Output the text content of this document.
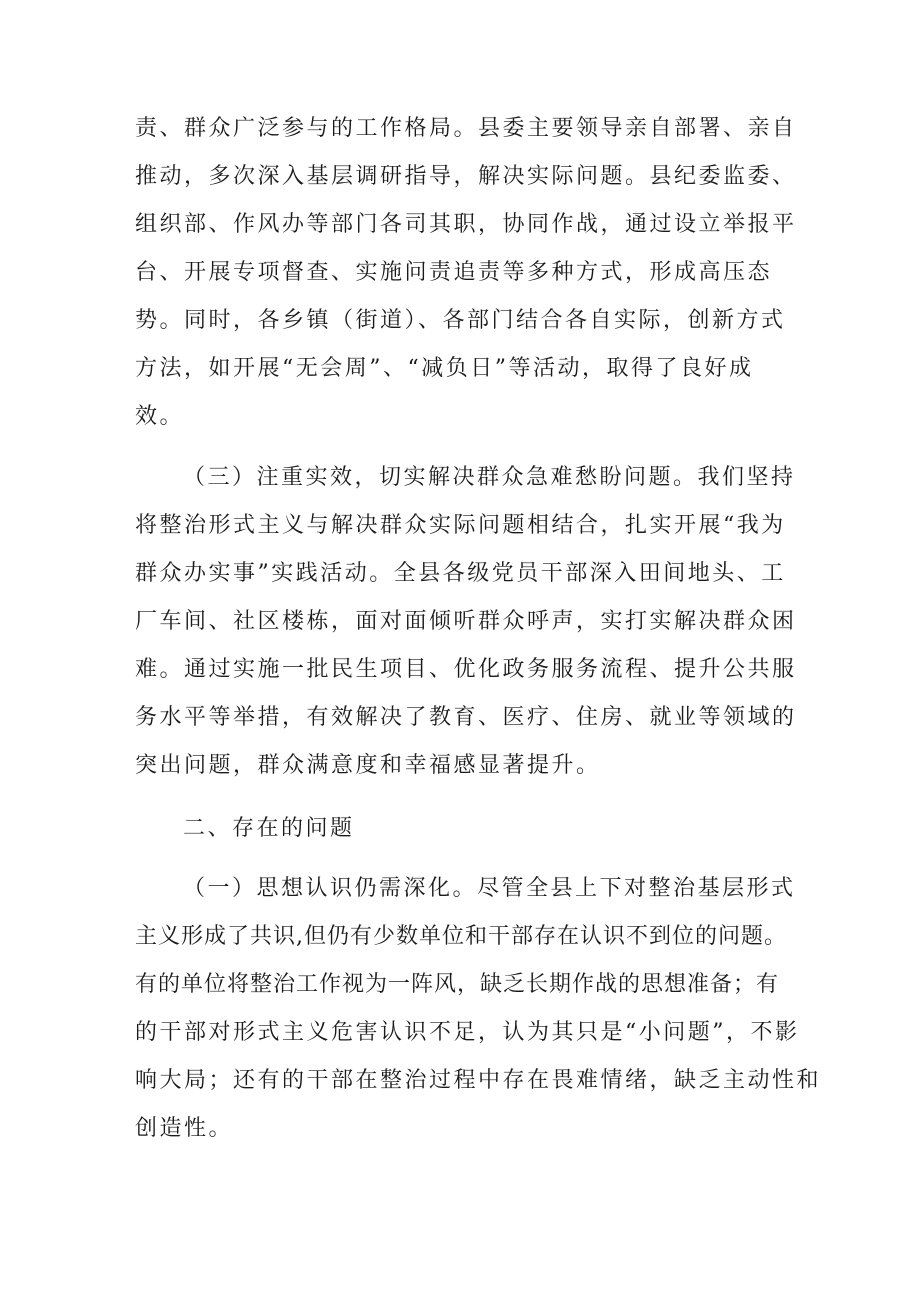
责、群众广泛参与的工作格局。县委主要领导亲自部署、亲自
推动，多次深入基层调研指导，解决实际问题。县纪委监委、
组织部、作风办等部门各司其职，协同作战，通过设立举报平
台、开展专项督查、实施问责追责等多种方式，形成高压态
势。同时，各乡镇（街道）、各部门结合各自实际，创新方式
方法，如开展“无会周”、“减负日”等活动，取得了良好成
效。
（三）注重实效，切实解决群众急难愁盼问题。我们坚持
将整治形式主义与解决群众实际问题相结合，扎实开展“我为
群众办实事”实践活动。全县各级党员干部深入田间地头、工
厂车间、社区楼栋，面对面倾听群众呼声，实打实解决群众困
难。通过实施一批民生项目、优化政务服务流程、提升公共服
务水平等举措，有效解决了教育、医疗、住房、就业等领域的
突出问题，群众满意度和幸福感显著提升。
二、存在的问题
（一）思想认识仍需深化。尽管全县上下对整治基层形式
主义形成了共识,但仍有少数单位和干部存在认识不到位的问题。
有的单位将整治工作视为一阵风，缺乏长期作战的思想准备；有
的干部对形式主义危害认识不足，认为其只是“小问题”，不影
响大局；还有的干部在整治过程中存在畏难情绪，缺乏主动性和
创造性。
